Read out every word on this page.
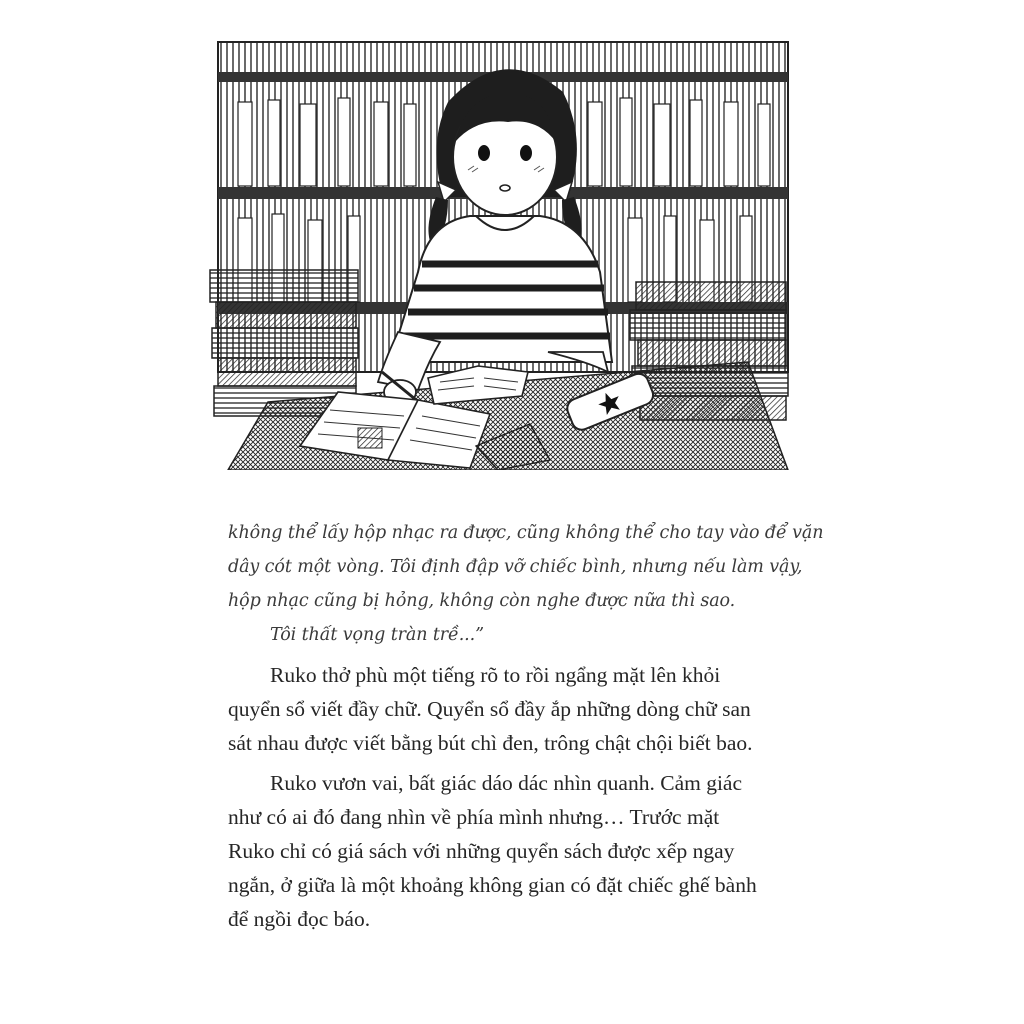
không thể lấy hộp nhạc ra được, cũng không thể cho tay vào để vặn
dây cót một vòng. Tôi định đập vỡ chiếc bình, nhưng nếu làm vậy,
hộp nhạc cũng bị hỏng, không còn nghe được nữa thì sao.
Tôi thất vọng tràn trề...”

Ruko thở phù một tiếng rõ to rồi ngẩng mặt lên khỏi
quyển sổ viết đầy chữ. Quyển sổ đầy ắp những dòng chữ san
sát nhau được viết bằng bút chì đen, trông chật chội biết bao.

Ruko vươn vai, bất giác dáo dác nhìn quanh. Cảm giác
như có ai đó đang nhìn về phía mình nhưng… Trước mặt
Ruko chỉ có giá sách với những quyển sách được xếp ngay
ngắn, ở giữa là một khoảng không gian có đặt chiếc ghế bành
để ngồi đọc báo.
